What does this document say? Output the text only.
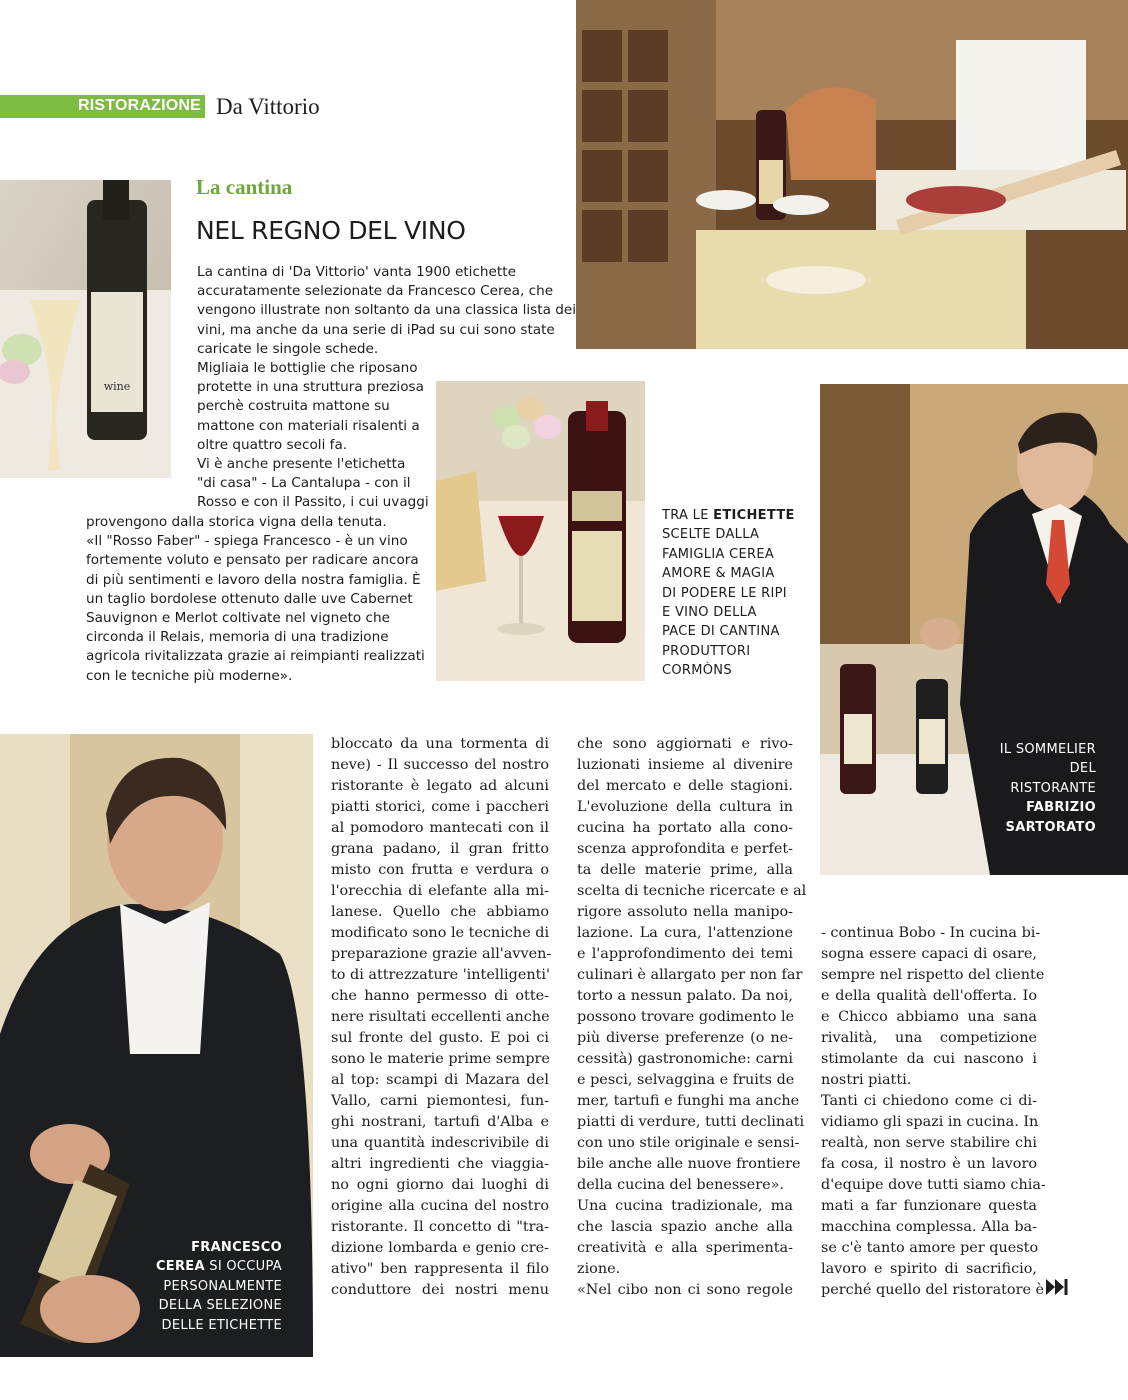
RISTORAZIONE Da Vittorio
wine
La cantina
NEL REGNO DEL VINO

La cantina di 'Da Vittorio' vanta 1900 etichette

accuratamente selezionate da Francesco Cerea, che

vengono illustrate non soltanto da una classica lista dei

vini, ma anche da una serie di iPad su cui sono state

caricate le singole schede.

Migliaia le bottiglie che riposano

protette in una struttura preziosa

perchè costruita mattone su

mattone con materiali risalenti a

oltre quattro secoli fa.

Vi è anche presente l'etichetta

"di casa" - La Cantalupa - con il

Rosso e con il Passito, i cui uvaggi

provengono dalla storica vigna della tenuta.

«Il "Rosso Faber" - spiega Francesco - è un vino

fortemente voluto e pensato per radicare ancora

di più sentimenti e lavoro della nostra famiglia. È

un taglio bordolese ottenuto dalle uve Cabernet

Sauvignon e Merlot coltivate nel vigneto che

circonda il Relais, memoria di una tradizione

agricola rivitalizzata grazie ai reimpianti realizzati

con le tecniche più moderne».

TRA LE ETICHETTE
SCELTE DALLA
FAMIGLIA CEREA
AMORE & MAGIA
DI PODERE LE RIPI
E VINO DELLA
PACE DI CANTINA
PRODUTTORI
CORMÒNS
IL SOMMELIER
DEL
RISTORANTE
FABRIZIO
SARTORATO
FRANCESCO
CEREA SI OCCUPA
PERSONALMENTE
DELLA SELEZIONE
DELLE ETICHETTE
bloccato da una tormenta di
neve) - Il successo del nostro
ristorante è legato ad alcuni
piatti storici, come i paccheri
al pomodoro mantecati con il
grana padano, il gran fritto
misto con frutta e verdura o
l'orecchia di elefante alla mi-
lanese. Quello che abbiamo
modificato sono le tecniche di
preparazione grazie all'avven-
to di attrezzature 'intelligenti'
che hanno permesso di otte-
nere risultati eccellenti anche
sul fronte del gusto. E poi ci
sono le materie prime sempre
al top: scampi di Mazara del
Vallo, carni piemontesi, fun-
ghi nostrani, tartufi d'Alba e
una quantità indescrivibile di
altri ingredienti che viaggia-
no ogni giorno dai luoghi di
origine alla cucina del nostro
ristorante. Il concetto di "tra-
dizione lombarda e genio cre-
ativo" ben rappresenta il filo
conduttore dei nostri menu
che sono aggiornati e rivo-
luzionati insieme al divenire
del mercato e delle stagioni.
L'evoluzione della cultura in
cucina ha portato alla cono-
scenza approfondita e perfet-
ta delle materie prime, alla
scelta di tecniche ricercate e al
rigore assoluto nella manipo-
lazione. La cura, l'attenzione
e l'approfondimento dei temi
culinari è allargato per non far
torto a nessun palato. Da noi,
possono trovare godimento le
più diverse preferenze (o ne-
cessità) gastronomiche: carni
e pesci, selvaggina e fruits de
mer, tartufi e funghi ma anche
piatti di verdure, tutti declinati
con uno stile originale e sensi-
bile anche alle nuove frontiere
della cucina del benessere».
Una cucina tradizionale, ma
che lascia spazio anche alla
creatività e alla sperimenta-
zione.
«Nel cibo non ci sono regole
- continua Bobo - In cucina bi-
sogna essere capaci di osare,
sempre nel rispetto del cliente
e della qualità dell'offerta. Io
e Chicco abbiamo una sana
rivalità, una competizione
stimolante da cui nascono i
nostri piatti.
Tanti ci chiedono come ci di-
vidiamo gli spazi in cucina. In
realtà, non serve stabilire chi
fa cosa, il nostro è un lavoro
d'equipe dove tutti siamo chia-
mati a far funzionare questa
macchina complessa. Alla ba-
se c'è tanto amore per questo
lavoro e spirito di sacrificio,
perché quello del ristoratore è
